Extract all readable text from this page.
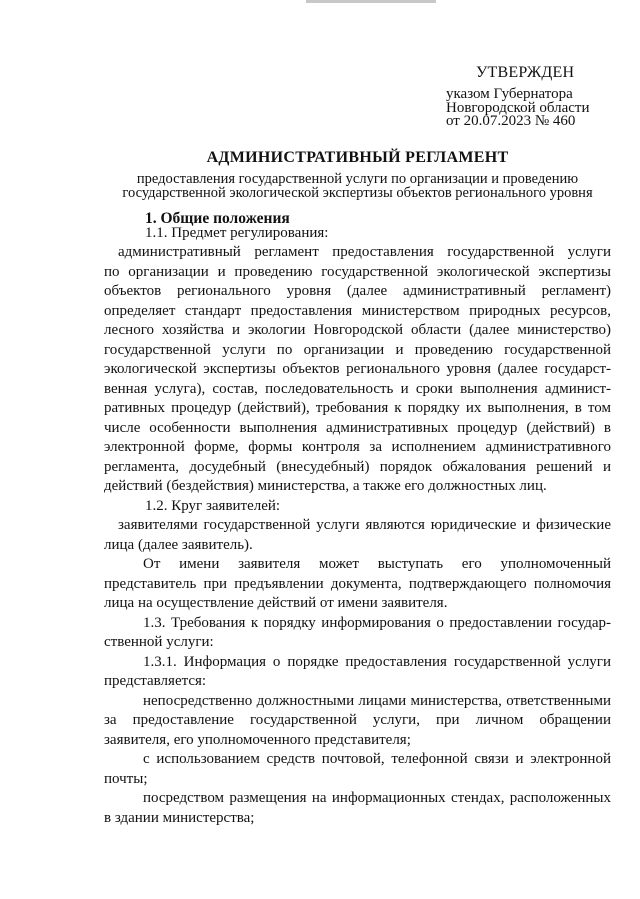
УТВЕРЖДЕН
указом Губернатора
Новгородской области
от 20.07.2023 № 460
АДМИНИСТРАТИВНЫЙ РЕГЛАМЕНТ
предоставления государственной услуги по организации и проведению
государственной экологической экспертизы объектов регионального уровня
1. Общие положения
1.1. Предмет регулирования:
административный регламент предоставления государственной услуги
по организации и проведению государственной экологической экспертизы
объектов регионального уровня (далее административный регламент)
определяет стандарт предоставления министерством природных ресурсов,
лесного хозяйства и экологии Новгородской области (далее министерство)
государственной услуги по организации и проведению государственной
экологической экспертизы объектов регионального уровня (далее государст-
венная услуга), состав, последовательность и сроки выполнения админист-
ративных процедур (действий), требования к порядку их выполнения, в том
числе особенности выполнения административных процедур (действий) в
электронной форме, формы контроля за исполнением административного
регламента, досудебный (внесудебный) порядок обжалования решений и
действий (бездействия) министерства, а также его должностных лиц.
1.2. Круг заявителей:
заявителями государственной услуги являются юридические и физические
лица (далее заявитель).
От имени заявителя может выступать его уполномоченный
представитель при предъявлении документа, подтверждающего полномочия
лица на осуществление действий от имени заявителя.
1.3. Требования к порядку информирования о предоставлении государ-
ственной услуги:
1.3.1. Информация о порядке предоставления государственной услуги
представляется:
непосредственно должностными лицами министерства, ответственными
за предоставление государственной услуги, при личном обращении
заявителя, его уполномоченного представителя;
с использованием средств почтовой, телефонной связи и электронной
почты;
посредством размещения на информационных стендах, расположенных
в здании министерства;
